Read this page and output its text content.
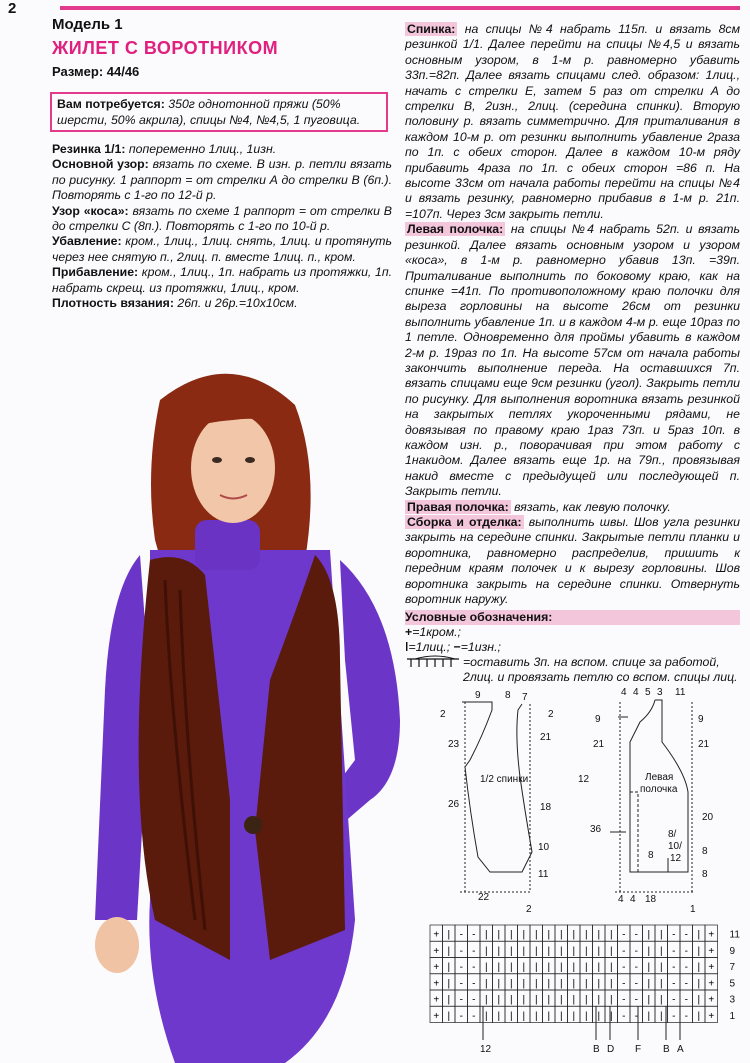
2
Модель 1
ЖИЛЕТ С ВОРОТНИКОМ
Размер: 44/46
Вам потребуется: 350г однотонной пряжи (50% шерсти, 50% акрила), спицы №4, №4,5, 1 пуговица.

Резинка 1/1: попеременно 1лиц., 1изн.

Основной узор: вязать по схеме. В изн. р. петли вязать по рисунку. 1 раппорт = от стрелки А до стрелки В (6п.). Повторять с 1-го по 12-й р.

Узор «коса»: вязать по схеме 1 раппорт = от стрелки В до стрелки С (8п.). Повторять с 1-го по 10-й р.

Убавление: кром., 1лиц., 1лиц. снять, 1лиц. и протянуть через нее снятую п., 2лиц. п. вместе 1лиц. п., кром.

Прибавление: кром., 1лиц., 1п. набрать из протяжки, 1п. набрать скрещ. из протяжки, 1лиц., кром.

Плотность вязания: 26п. и 26р.=10х10см.

Спинка: на спицы №4 набрать 115п. и вязать 8см резинкой 1/1. Далее перейти на спицы №4,5 и вязать основным узором, в 1-м р. равномерно убавить 33п.=82п. Далее вязать спицами след. образом: 1лиц., начать с стрелки Е, затем 5 раз от стрелки А до стрелки В, 2изн., 2лиц. (середина спинки). Вторую половину р. вязать симметрично. Для приталивания в каждом 10-м р. от резинки выполнить убавление 2раза по 1п. с обеих сторон. Далее в каждом 10-м ряду прибавить 4раза по 1п. с обеих сторон =86 п. На высоте 33см от начала работы перейти на спицы №4 и вязать резинку, равномерно прибавив в 1-м р. 21п. =107п. Через 3см закрыть петли.

Левая полочка: на спицы №4 набрать 52п. и вязать резинкой. Далее вязать основным узором и узором «коса», в 1-м р. равномерно убавив 13п. =39п. Приталивание выполнить по боковому краю, как на спинке =41п. По противоположному краю полочки для выреза горловины на высоте 26см от резинки выполнить убавление 1п. и в каждом 4-м р. еще 10раз по 1 петле. Одновременно для проймы убавить в каждом 2-м р. 19раз по 1п. На высоте 57см от начала работы закончить выполнение переда. На оставшихся 7п. вязать спицами еще 9см резинки (угол). Закрыть петли по рисунку. Для выполнения воротника вязать резинкой на закрытых петлях укороченными рядами, не довязывая по правому краю 1раз 73п. и 5раз 10п. в каждом изн. р., поворачивая при этом работу с 1накидом. Далее вязать еще 1р. на 79п., провязывая накид вместе с предыдущей или последующей п. Закрыть петли.

Правая полочка: вязать, как левую полочку.

Сборка и отделка: выполнить швы. Шов угла резинки закрыть на середине спинки. Закрытые петли планки и воротника, равномерно распределив, пришить к передним краям полочек и к вырезу горловины. Шов воротника закрыть на середине спинки. Отвернуть воротник наружу.

Условные обозначения:
+=1кром.;
ǀ=1лиц.; −=1изн.;
=оставить 3п. на вспом. спице за работой, 2лиц. и провязать петлю со вспом. спицы лиц.
9 8 7
2
23
26
2
21
18
10
11
1/2 спинки
22
2
4 4 5 3 11
9
21
12
36
9
21
20
8
8
Левая
полочка
8/
10/
12
8
4 4 18
1
+ | - - | | | | | | | | | | | - - | | - - | +
+ | - - | | | | | | | | | | | - - | | - - | +
+ | - - | | | | | | | | | | | - - | | - - | +
+ | - - | | | | | | | | | | | - - | | - - | +
+ | - - | | | | | | | | | | | - - | | - - | +
+ | - - | | | | | | | | | | | - - | | - - | +
11
9
7
5
3
1
12	B D F B A
